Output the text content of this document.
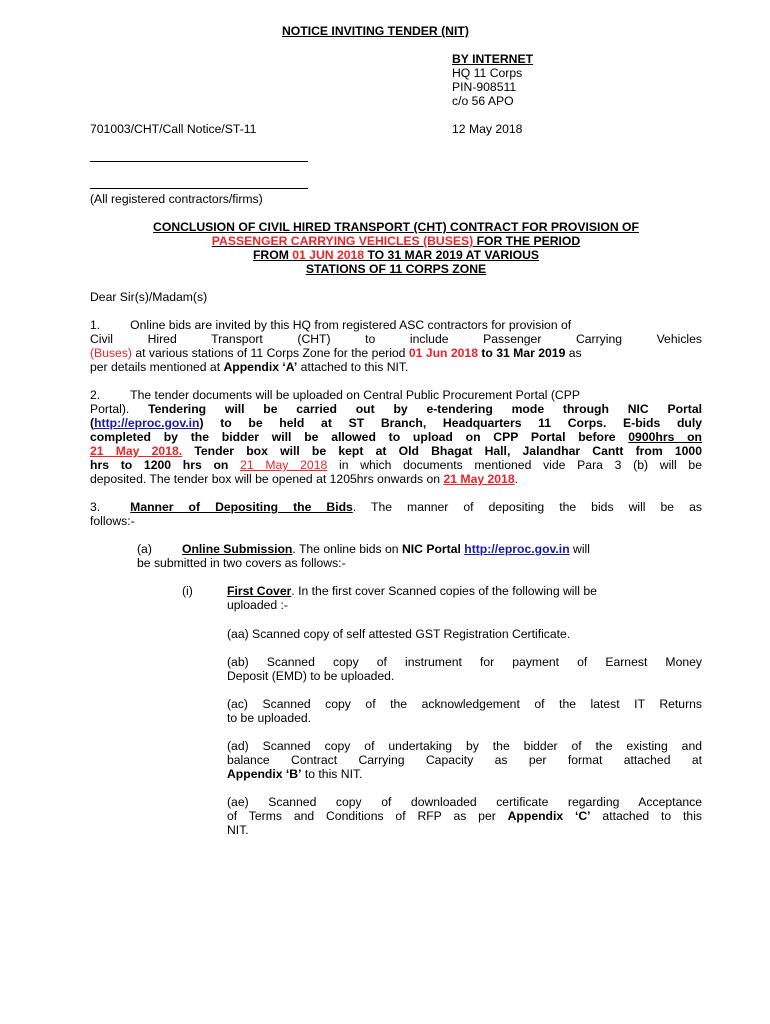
NOTICE INVITING TENDER (NIT)
BY INTERNET
HQ 11 Corps
PIN-908511
c/o 56 APO
701003/CHT/Call Notice/ST-11	12 May 2018
(All registered contractors/firms)
CONCLUSION OF CIVIL HIRED TRANSPORT (CHT) CONTRACT FOR PROVISION OF
PASSENGER CARRYING VEHICLES (BUSES) FOR THE PERIOD
FROM 01 JUN 2018 TO 31 MAR 2019 AT VARIOUS
STATIONS OF 11 CORPS ZONE
Dear Sir(s)/Madam(s)
1. Online bids are invited by this HQ from registered ASC contractors for provision of
Civil Hired Transport (CHT) to include Passenger Carrying Vehicles
(Buses) at various stations of 11 Corps Zone for the period 01 Jun 2018 to 31 Mar 2019 as
per details mentioned at Appendix ‘A’ attached to this NIT.
2. The tender documents will be uploaded on Central Public Procurement Portal (CPP
Portal). Tendering will be carried out by e-tendering mode through NIC Portal
(http://eproc.gov.in) to be held at ST Branch, Headquarters 11 Corps. E-bids duly
completed by the bidder will be allowed to upload on CPP Portal before 0900hrs on
21 May 2018. Tender box will be kept at Old Bhagat Hall, Jalandhar Cantt from 1000
hrs to 1200 hrs on 21 May 2018 in which documents mentioned vide Para 3 (b) will be
deposited. The tender box will be opened at 1205hrs onwards on 21 May 2018.
3. Manner of Depositing the Bids. The manner of depositing the bids will be as
follows:-
(a) Online Submission. The online bids on NIC Portal http://eproc.gov.in will
be submitted in two covers as follows:-
(i)	First Cover. In the first cover Scanned copies of the following will be
uploaded :-
(aa) Scanned copy of self attested GST Registration Certificate.
(ab) Scanned copy of instrument for payment of Earnest Money
Deposit (EMD) to be uploaded.
(ac) Scanned copy of the acknowledgement of the latest IT Returns
to be uploaded.
(ad) Scanned copy of undertaking by the bidder of the existing and
balance Contract Carrying Capacity as per format attached at
Appendix ‘B’ to this NIT.
(ae) Scanned copy of downloaded certificate regarding Acceptance
of Terms and Conditions of RFP as per Appendix ‘C’ attached to this
NIT.
